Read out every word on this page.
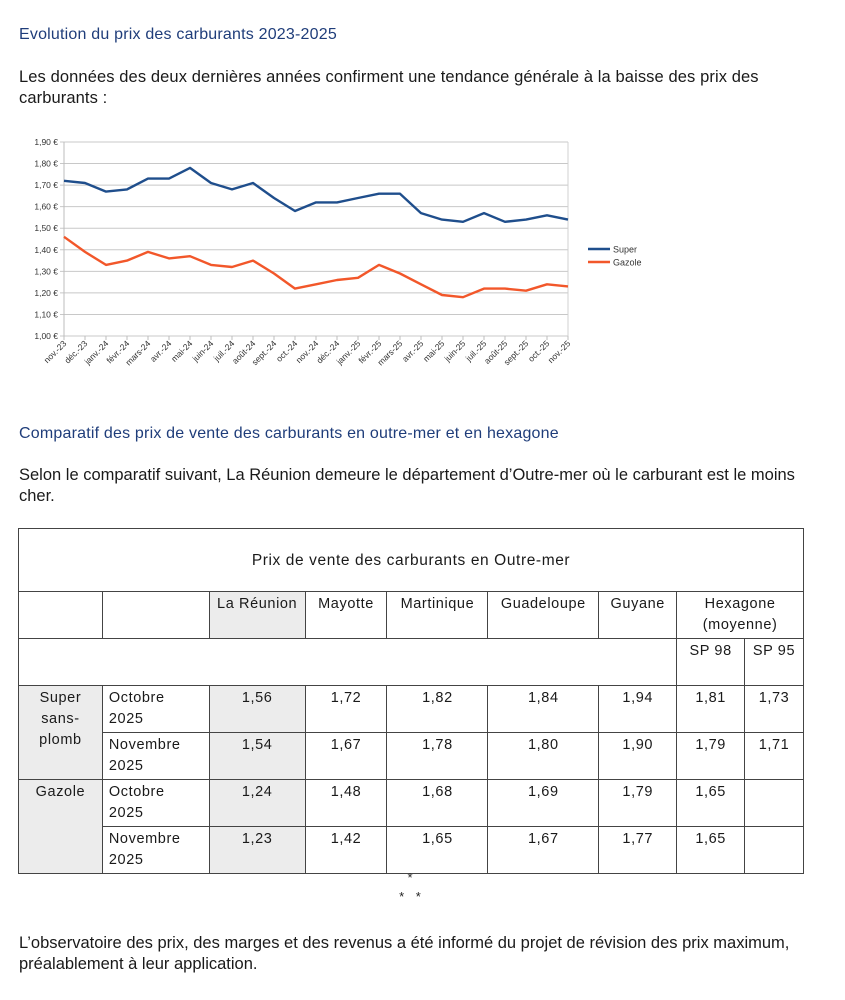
Evolution du prix des carburants 2023-2025
Les données des deux dernières années confirment une tendance générale à la baisse des prix des carburants :
1,00 €
1,10 €
1,20 €
1,30 €
1,40 €
1,50 €
1,60 €
1,70 €
1,80 €
1,90 €
nov.-23
déc.-23
janv.-24
févr.-24
mars-24
avr.-24
mai-24
juin-24
juil.-24
août-24
sept.-24
oct.-24
nov.-24
déc.-24
janv.-25
févr.-25
mars-25
avr.-25
mai-25
juin-25
juil.-25
août-25
sept.-25
oct.-25
nov.-25
Super
Gazole
Comparatif des prix de vente des carburants en outre-mer et en hexagone
Selon le comparatif suivant, La Réunion demeure le département d’Outre-mer où le carburant est le moins cher.
Prix de vente des carburants en Outre-mer								
		La Réunion	Mayotte	Martinique	Guadeloupe	Guyane	Hexagone (moyenne)	
							SP 98	SP 95
Super sans-plomb	Octobre 2025	1,56	1,72	1,82	1,84	1,94	1,81	1,73
	Novembre 2025	1,54	1,67	1,78	1,80	1,90	1,79	1,71
Gazole	Octobre 2025	1,24	1,48	1,68	1,69	1,79	1,65	
	Novembre 2025	1,23	1,42	1,65	1,67	1,77	1,65	
*
* *
L’observatoire des prix, des marges et des revenus a été informé du projet de révision des prix maximum, préalablement à leur application.
